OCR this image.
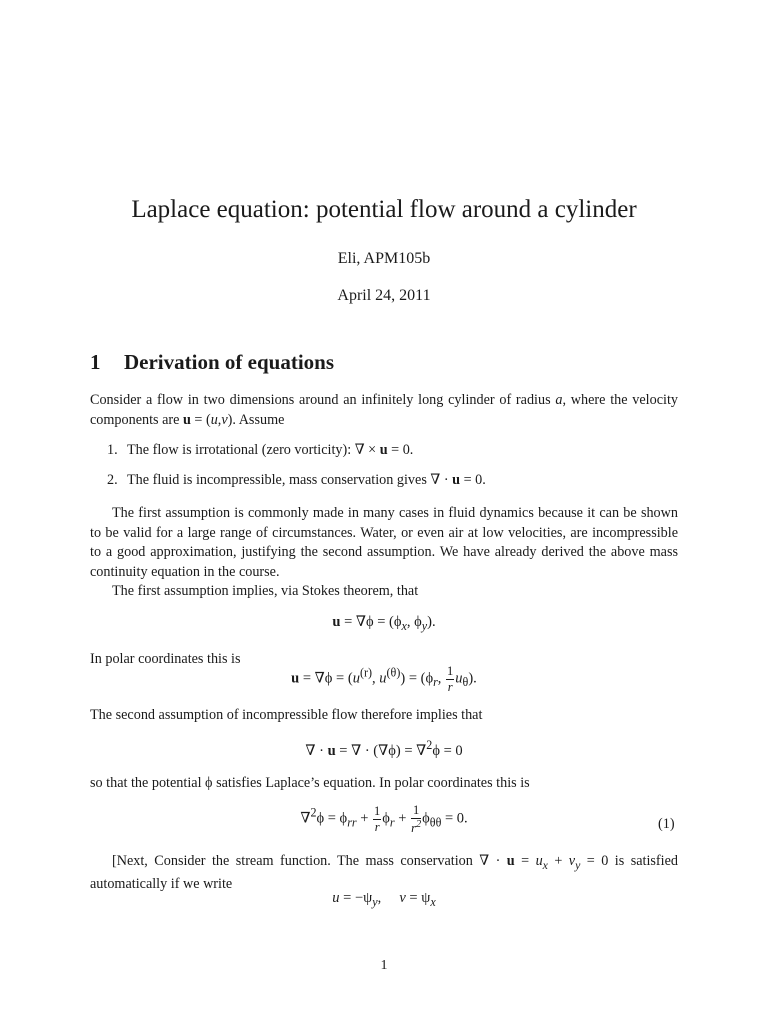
Laplace equation: potential flow around a cylinder
Eli, APM105b
April 24, 2011
1 Derivation of equations

Consider a flow in two dimensions around an infinitely long cylinder of radius a, where the velocity components are u = (u,v). Assume

1. The flow is irrotational (zero vorticity): ∇ × u = 0.
2. The fluid is incompressible, mass conservation gives ∇ · u = 0.

The first assumption is commonly made in many cases in fluid dynamics because it can be shown to be valid for a large range of circumstances. Water, or even air at low velocities, are incompressible to a good approximation, justifying the second assumption. We have already derived the above mass continuity equation in the course.

The first assumption implies, via Stokes theorem, that

$u = \nabla\phi = (\phi_x$, $\phi_y$).
In polar coordinates this is
$u = \nabla\phi = (u^{(r)}$, $u^{(\theta)}) = (\phi_r$, $\frac{1}{r} u_\theta$).
The second assumption of incompressible flow therefore implies that
∇ · u = ∇ · (∇ϕ) = ∇$^2$ϕ = 0
so that the potential ϕ satisfies Laplace’s equation. In polar coordinates this is
$\nabla^2\phi = \phi_{rr} + \frac{1}{r} \phi_r + \frac{1}{r^2} \phi_{\theta\theta} = 0$.	(1)

[Next, Consider the stream function. The mass conservation ∇ · $u = u_x + v_y = 0$ is satisfied automatically if we write

$u = -\psi_y$,     $v = \psi_x$
1
